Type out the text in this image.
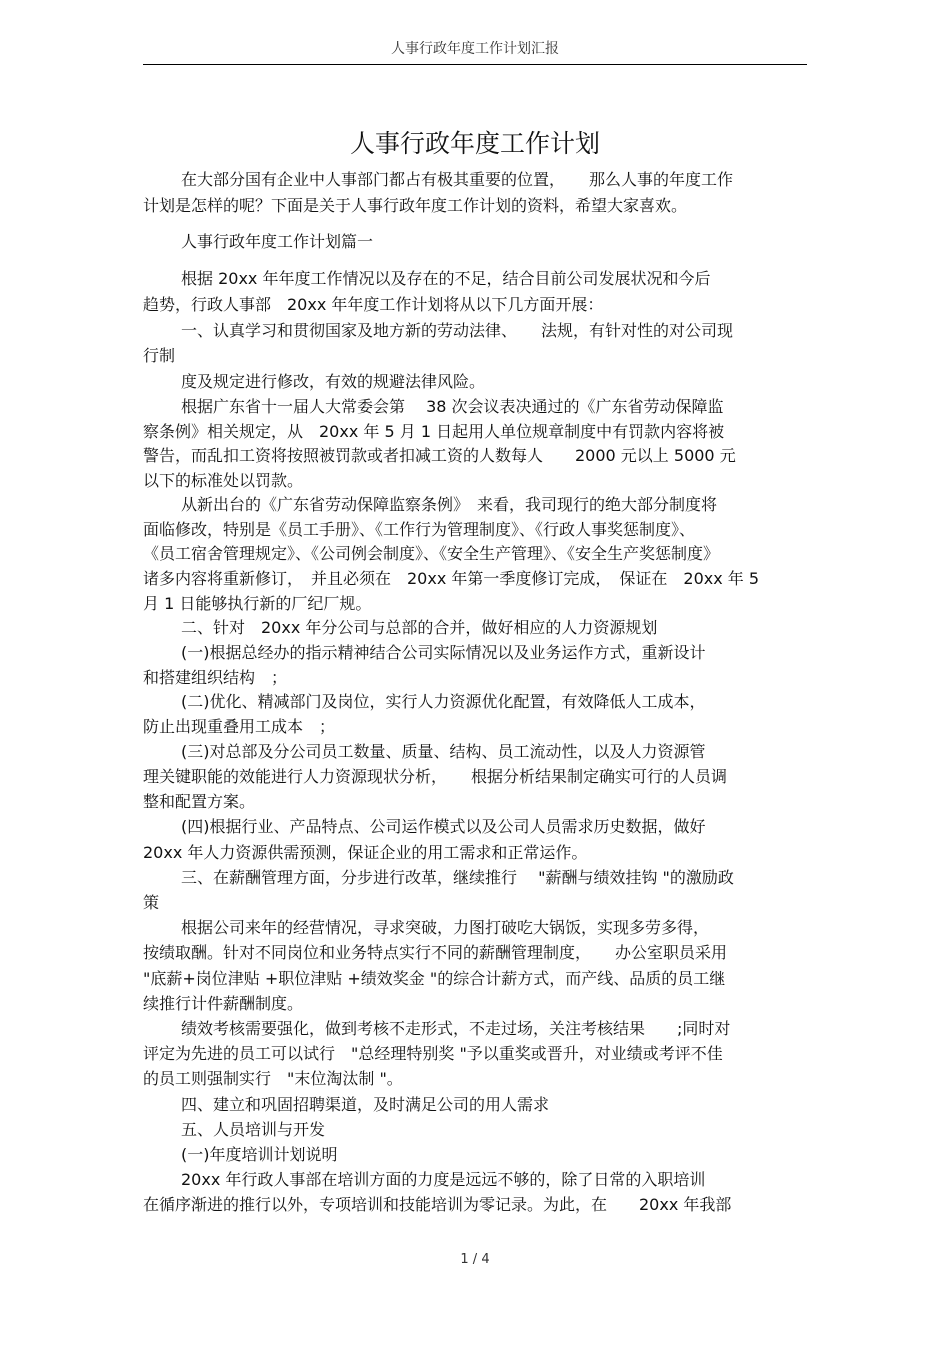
人事行政年度工作计划汇报
人事行政年度工作计划

在大部分国有企业中人事部门都占有极其重要的位置，　　那么人事的年度工作

计划是怎样的呢？下面是关于人事行政年度工作计划的资料，希望大家喜欢。

人事行政年度工作计划篇一

根据 20xx 年年度工作情况以及存在的不足，结合目前公司发展状况和今后

趋势，行政人事部　20xx 年年度工作计划将从以下几方面开展：

一、认真学习和贯彻国家及地方新的劳动法律、　　法规，有针对性的对公司现

行制

度及规定进行修改，有效的规避法律风险。

根据广东省十一届人大常委会第　 38 次会议表决通过的《广东省劳动保障监

察条例》相关规定，从　20xx 年 5 月 1 日起用人单位规章制度中有罚款内容将被

警告，而乱扣工资将按照被罚款或者扣减工资的人数每人　　2000 元以上 5000 元

以下的标准处以罚款。

从新出台的《广东省劳动保障监察条例》　来看，我司现行的绝大部分制度将

面临修改，特别是《员工手册》、《工作行为管理制度》、《行政人事奖惩制度》、

《员工宿舍管理规定》、《公司例会制度》、《安全生产管理》、《安全生产奖惩制度》

诸多内容将重新修订，　并且必须在　20xx 年第一季度修订完成，　保证在　20xx 年 5

月 1 日能够执行新的厂纪厂规。

二、针对　20xx 年分公司与总部的合并，做好相应的人力资源规划

(一)根据总经办的指示精神结合公司实际情况以及业务运作方式，重新设计

和搭建组织结构　；

(二)优化、精减部门及岗位，实行人力资源优化配置，有效降低人工成本，

防止出现重叠用工成本　；

(三)对总部及分公司员工数量、质量、结构、员工流动性，以及人力资源管

理关键职能的效能进行人力资源现状分析，　　根据分析结果制定确实可行的人员调

整和配置方案。

(四)根据行业、产品特点、公司运作模式以及公司人员需求历史数据，做好

20xx 年人力资源供需预测，保证企业的用工需求和正常运作。

三、在薪酬管理方面，分步进行改革，继续推行　 "薪酬与绩效挂钩 "的激励政

策

根据公司来年的经营情况，寻求突破，力图打破吃大锅饭，实现多劳多得，

按绩取酬。针对不同岗位和业务特点实行不同的薪酬管理制度，　　办公室职员采用

"底薪+岗位津贴 +职位津贴 +绩效奖金 "的综合计薪方式，而产线、品质的员工继

续推行计件薪酬制度。

绩效考核需要强化，做到考核不走形式，不走过场，关注考核结果　　;同时对

评定为先进的员工可以试行　"总经理特别奖 "予以重奖或晋升，对业绩或考评不佳

的员工则强制实行　"末位淘汰制 "。

四、建立和巩固招聘渠道，及时满足公司的用人需求

五、人员培训与开发

(一)年度培训计划说明

20xx 年行政人事部在培训方面的力度是远远不够的，除了日常的入职培训

在循序渐进的推行以外，专项培训和技能培训为零记录。为此，在　　20xx 年我部

1 / 4
